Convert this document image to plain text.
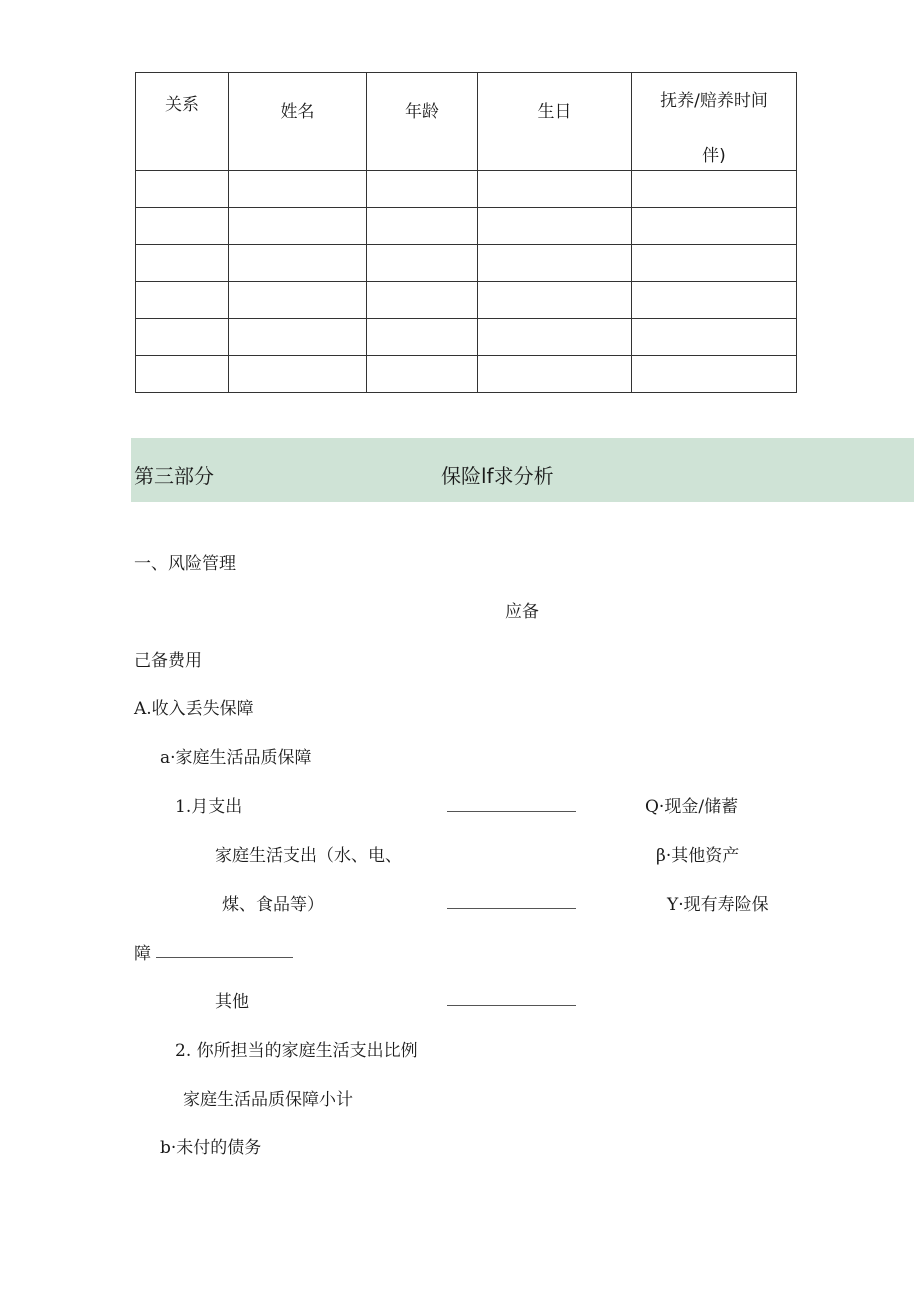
关系	姓名	年龄	生日	抚养/赔养时间
伴)

第三部分	保险lf求分析
一、风险管理
应备
己备费用
A.收入丢失保障
a·家庭生活品质保障
1.月支出	Q·现金/储蓄
家庭生活支出（水、电、	β·其他资产
煤、食品等）	Y·现有寿险保
障
其他
2. 你所担当的家庭生活支出比例
家庭生活品质保障小计
b·未付的债务
